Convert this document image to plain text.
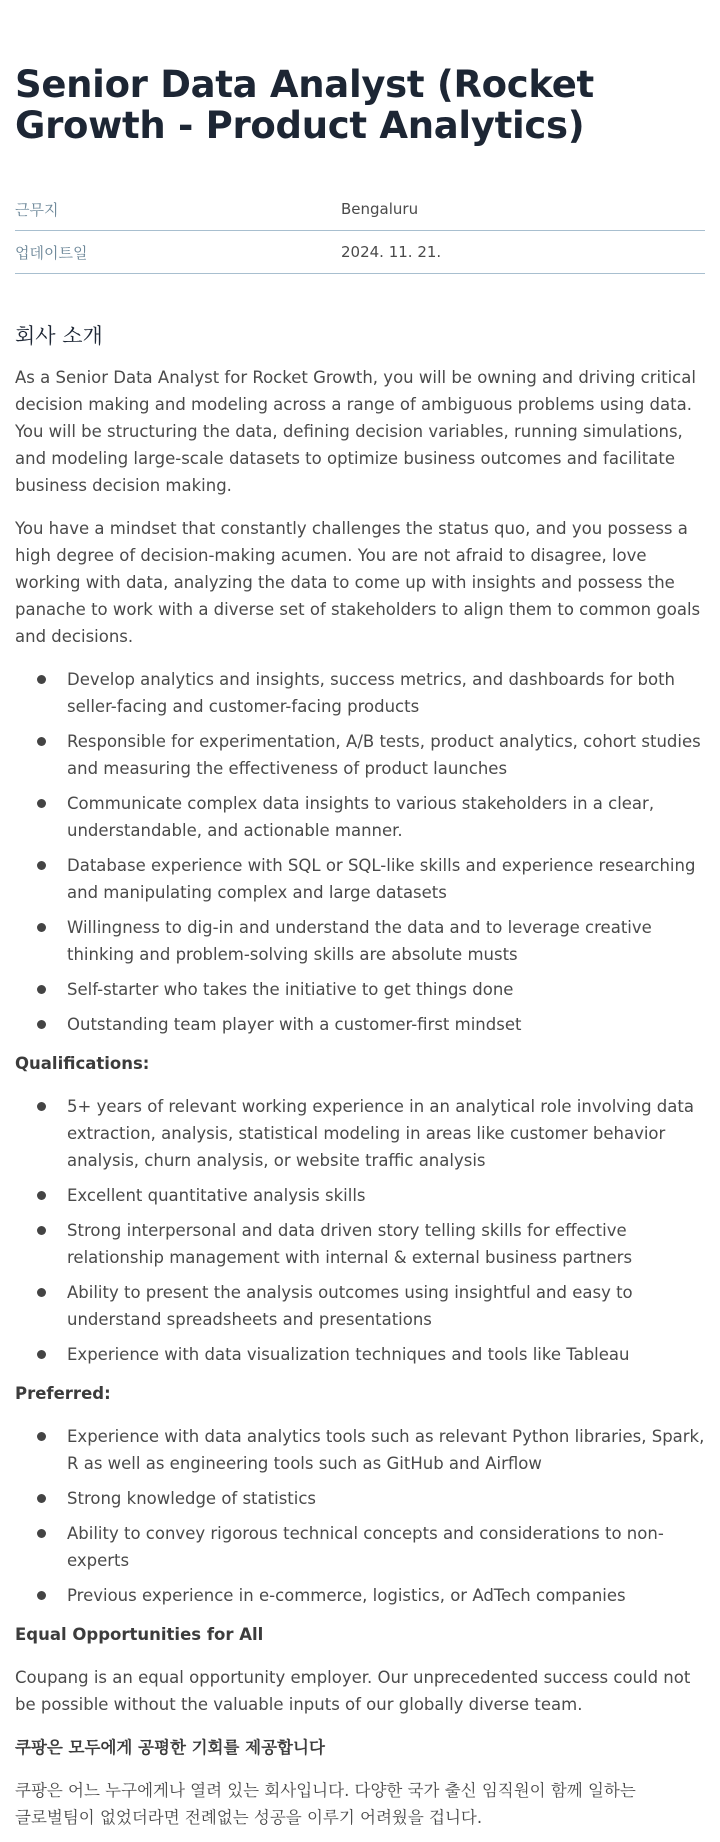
Senior Data Analyst (Rocket Growth - Product Analytics)
근무지	Bengaluru
업데이트일	2024. 11. 21.
회사 소개

As a Senior Data Analyst for Rocket Growth, you will be owning and driving critical decision making and modeling across a range of ambiguous problems using data. You will be structuring the data, defining decision variables, running simulations, and modeling large-scale datasets to optimize business outcomes and facilitate business decision making.

You have a mindset that constantly challenges the status quo, and you possess a high degree of decision-making acumen. You are not afraid to disagree, love working with data, analyzing the data to come up with insights and possess the panache to work with a diverse set of stakeholders to align them to common goals and decisions.

Develop analytics and insights, success metrics, and dashboards for both seller-facing and customer-facing products
Responsible for experimentation, A/B tests, product analytics, cohort studies and measuring the effectiveness of product launches
Communicate complex data insights to various stakeholders in a clear, understandable, and actionable manner.
Database experience with SQL or SQL-like skills and experience researching and manipulating complex and large datasets
Willingness to dig-in and understand the data and to leverage creative thinking and problem-solving skills are absolute musts
Self-starter who takes the initiative to get things done
Outstanding team player with a customer-first mindset

Qualifications:

5+ years of relevant working experience in an analytical role involving data extraction, analysis, statistical modeling in areas like customer behavior analysis, churn analysis, or website traffic analysis
Excellent quantitative analysis skills
Strong interpersonal and data driven story telling skills for effective relationship management with internal & external business partners
Ability to present the analysis outcomes using insightful and easy to understand spreadsheets and presentations
Experience with data visualization techniques and tools like Tableau

Preferred:

Experience with data analytics tools such as relevant Python libraries, Spark, R as well as engineering tools such as GitHub and Airflow
Strong knowledge of statistics
Ability to convey rigorous technical concepts and considerations to non-experts
Previous experience in e-commerce, logistics, or AdTech companies

Equal Opportunities for All

Coupang is an equal opportunity employer. Our unprecedented success could not be possible without the valuable inputs of our globally diverse team.

쿠팡은 모두에게 공평한 기회를 제공합니다

쿠팡은 어느 누구에게나 열려 있는 회사입니다. 다양한 국가 출신 임직원이 함께 일하는
글로벌팀이 없었더라면 전례없는 성공을 이루기 어려웠을 겁니다.
